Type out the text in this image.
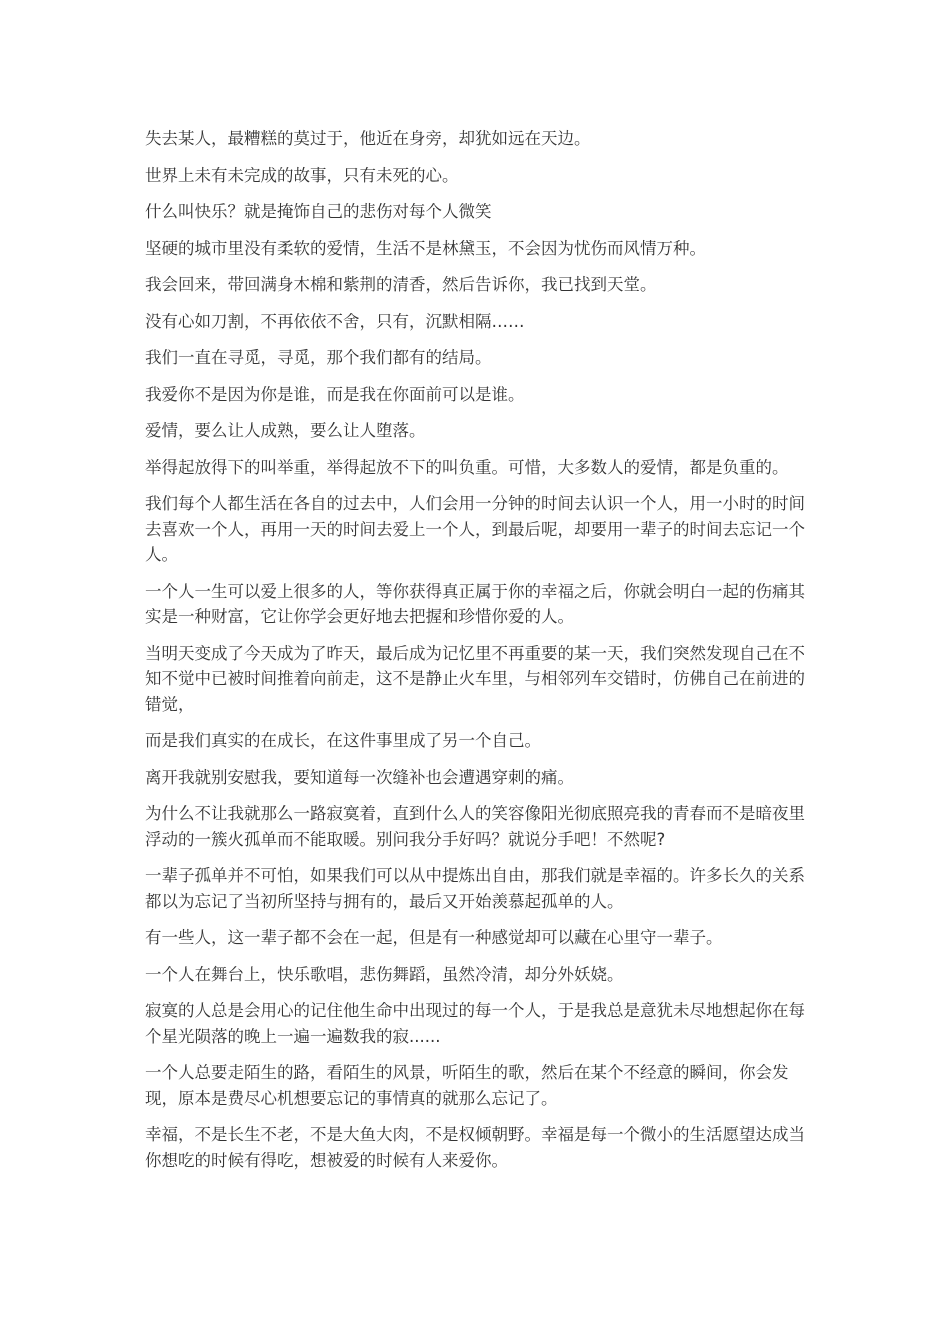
失去某人，最糟糕的莫过于，他近在身旁，却犹如远在天边。

世界上未有未完成的故事，只有未死的心。

什么叫快乐？就是掩饰自己的悲伤对每个人微笑

坚硬的城市里没有柔软的爱情，生活不是林黛玉，不会因为忧伤而风情万种。

我会回来，带回满身木棉和紫荆的清香，然后告诉你，我已找到天堂。

没有心如刀割，不再依依不舍，只有，沉默相隔……

我们一直在寻觅，寻觅，那个我们都有的结局。

我爱你不是因为你是谁，而是我在你面前可以是谁。

爱情，要么让人成熟，要么让人堕落。

举得起放得下的叫举重，举得起放不下的叫负重。可惜，大多数人的爱情，都是负重的。

我们每个人都生活在各自的过去中，人们会用一分钟的时间去认识一个人，用一小时的时间去喜欢一个人，再用一天的时间去爱上一个人，到最后呢，却要用一辈子的时间去忘记一个人。

一个人一生可以爱上很多的人，等你获得真正属于你的幸福之后，你就会明白一起的伤痛其实是一种财富，它让你学会更好地去把握和珍惜你爱的人。

当明天变成了今天成为了昨天，最后成为记忆里不再重要的某一天，我们突然发现自己在不知不觉中已被时间推着向前走，这不是静止火车里，与相邻列车交错时，仿佛自己在前进的错觉，

而是我们真实的在成长，在这件事里成了另一个自己。

离开我就别安慰我，要知道每一次缝补也会遭遇穿刺的痛。

为什么不让我就那么一路寂寞着，直到什么人的笑容像阳光彻底照亮我的青春而不是暗夜里浮动的一簇火孤单而不能取暖。别问我分手好吗？就说分手吧！不然呢?

一辈子孤单并不可怕，如果我们可以从中提炼出自由，那我们就是幸福的。许多长久的关系都以为忘记了当初所坚持与拥有的，最后又开始羡慕起孤单的人。

有一些人，这一辈子都不会在一起，但是有一种感觉却可以藏在心里守一辈子。

一个人在舞台上，快乐歌唱，悲伤舞蹈，虽然冷清，却分外妖娆。

寂寞的人总是会用心的记住他生命中出现过的每一个人，于是我总是意犹未尽地想起你在每个星光陨落的晚上一遍一遍数我的寂......

一个人总要走陌生的路，看陌生的风景，听陌生的歌，然后在某个不经意的瞬间，你会发现，原本是费尽心机想要忘记的事情真的就那么忘记了。

幸福，不是长生不老，不是大鱼大肉，不是权倾朝野。幸福是每一个微小的生活愿望达成当你想吃的时候有得吃，想被爱的时候有人来爱你。
